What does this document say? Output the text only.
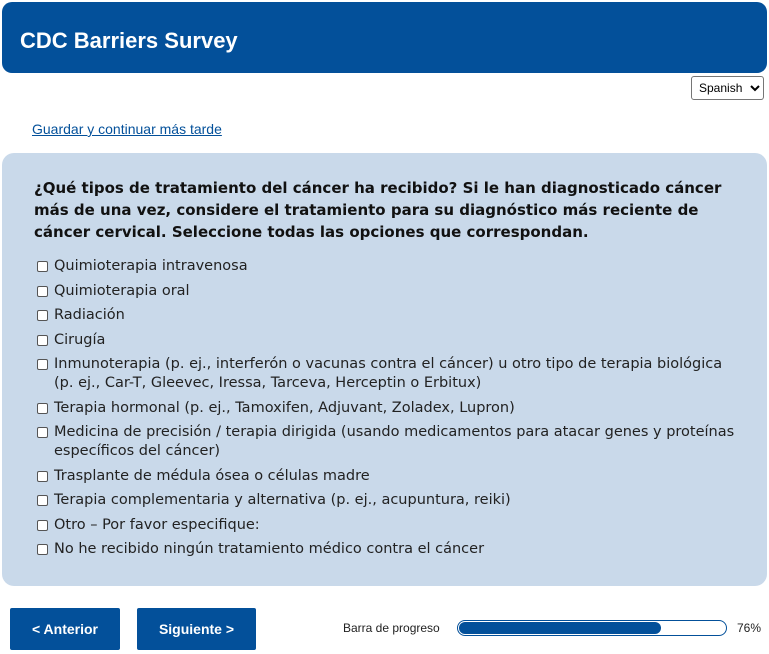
CDC Barriers Survey
Spanish
Guardar y continuar más tarde
¿Qué tipos de tratamiento del cáncer ha recibido? Si le han diagnosticado cáncer más de una vez, considere el tratamiento para su diagnóstico más reciente de cáncer cervical. Seleccione todas las opciones que correspondan.
Quimioterapia intravenosa
Quimioterapia oral
Radiación
Cirugía
Inmunoterapia (p. ej., interferón o vacunas contra el cáncer) u otro tipo de terapia biológica (p. ej., Car-T, Gleevec, Iressa, Tarceva, Herceptin o Erbitux)
Terapia hormonal (p. ej., Tamoxifen, Adjuvant, Zoladex, Lupron)
Medicina de precisión / terapia dirigida (usando medicamentos para atacar genes y proteínas específicos del cáncer)
Trasplante de médula ósea o células madre
Terapia complementaria y alternativa (p. ej., acupuntura, reiki)
Otro – Por favor especifique:
No he recibido ningún tratamiento médico contra el cáncer
< Anterior	Siguiente >	Barra de progreso	76%
